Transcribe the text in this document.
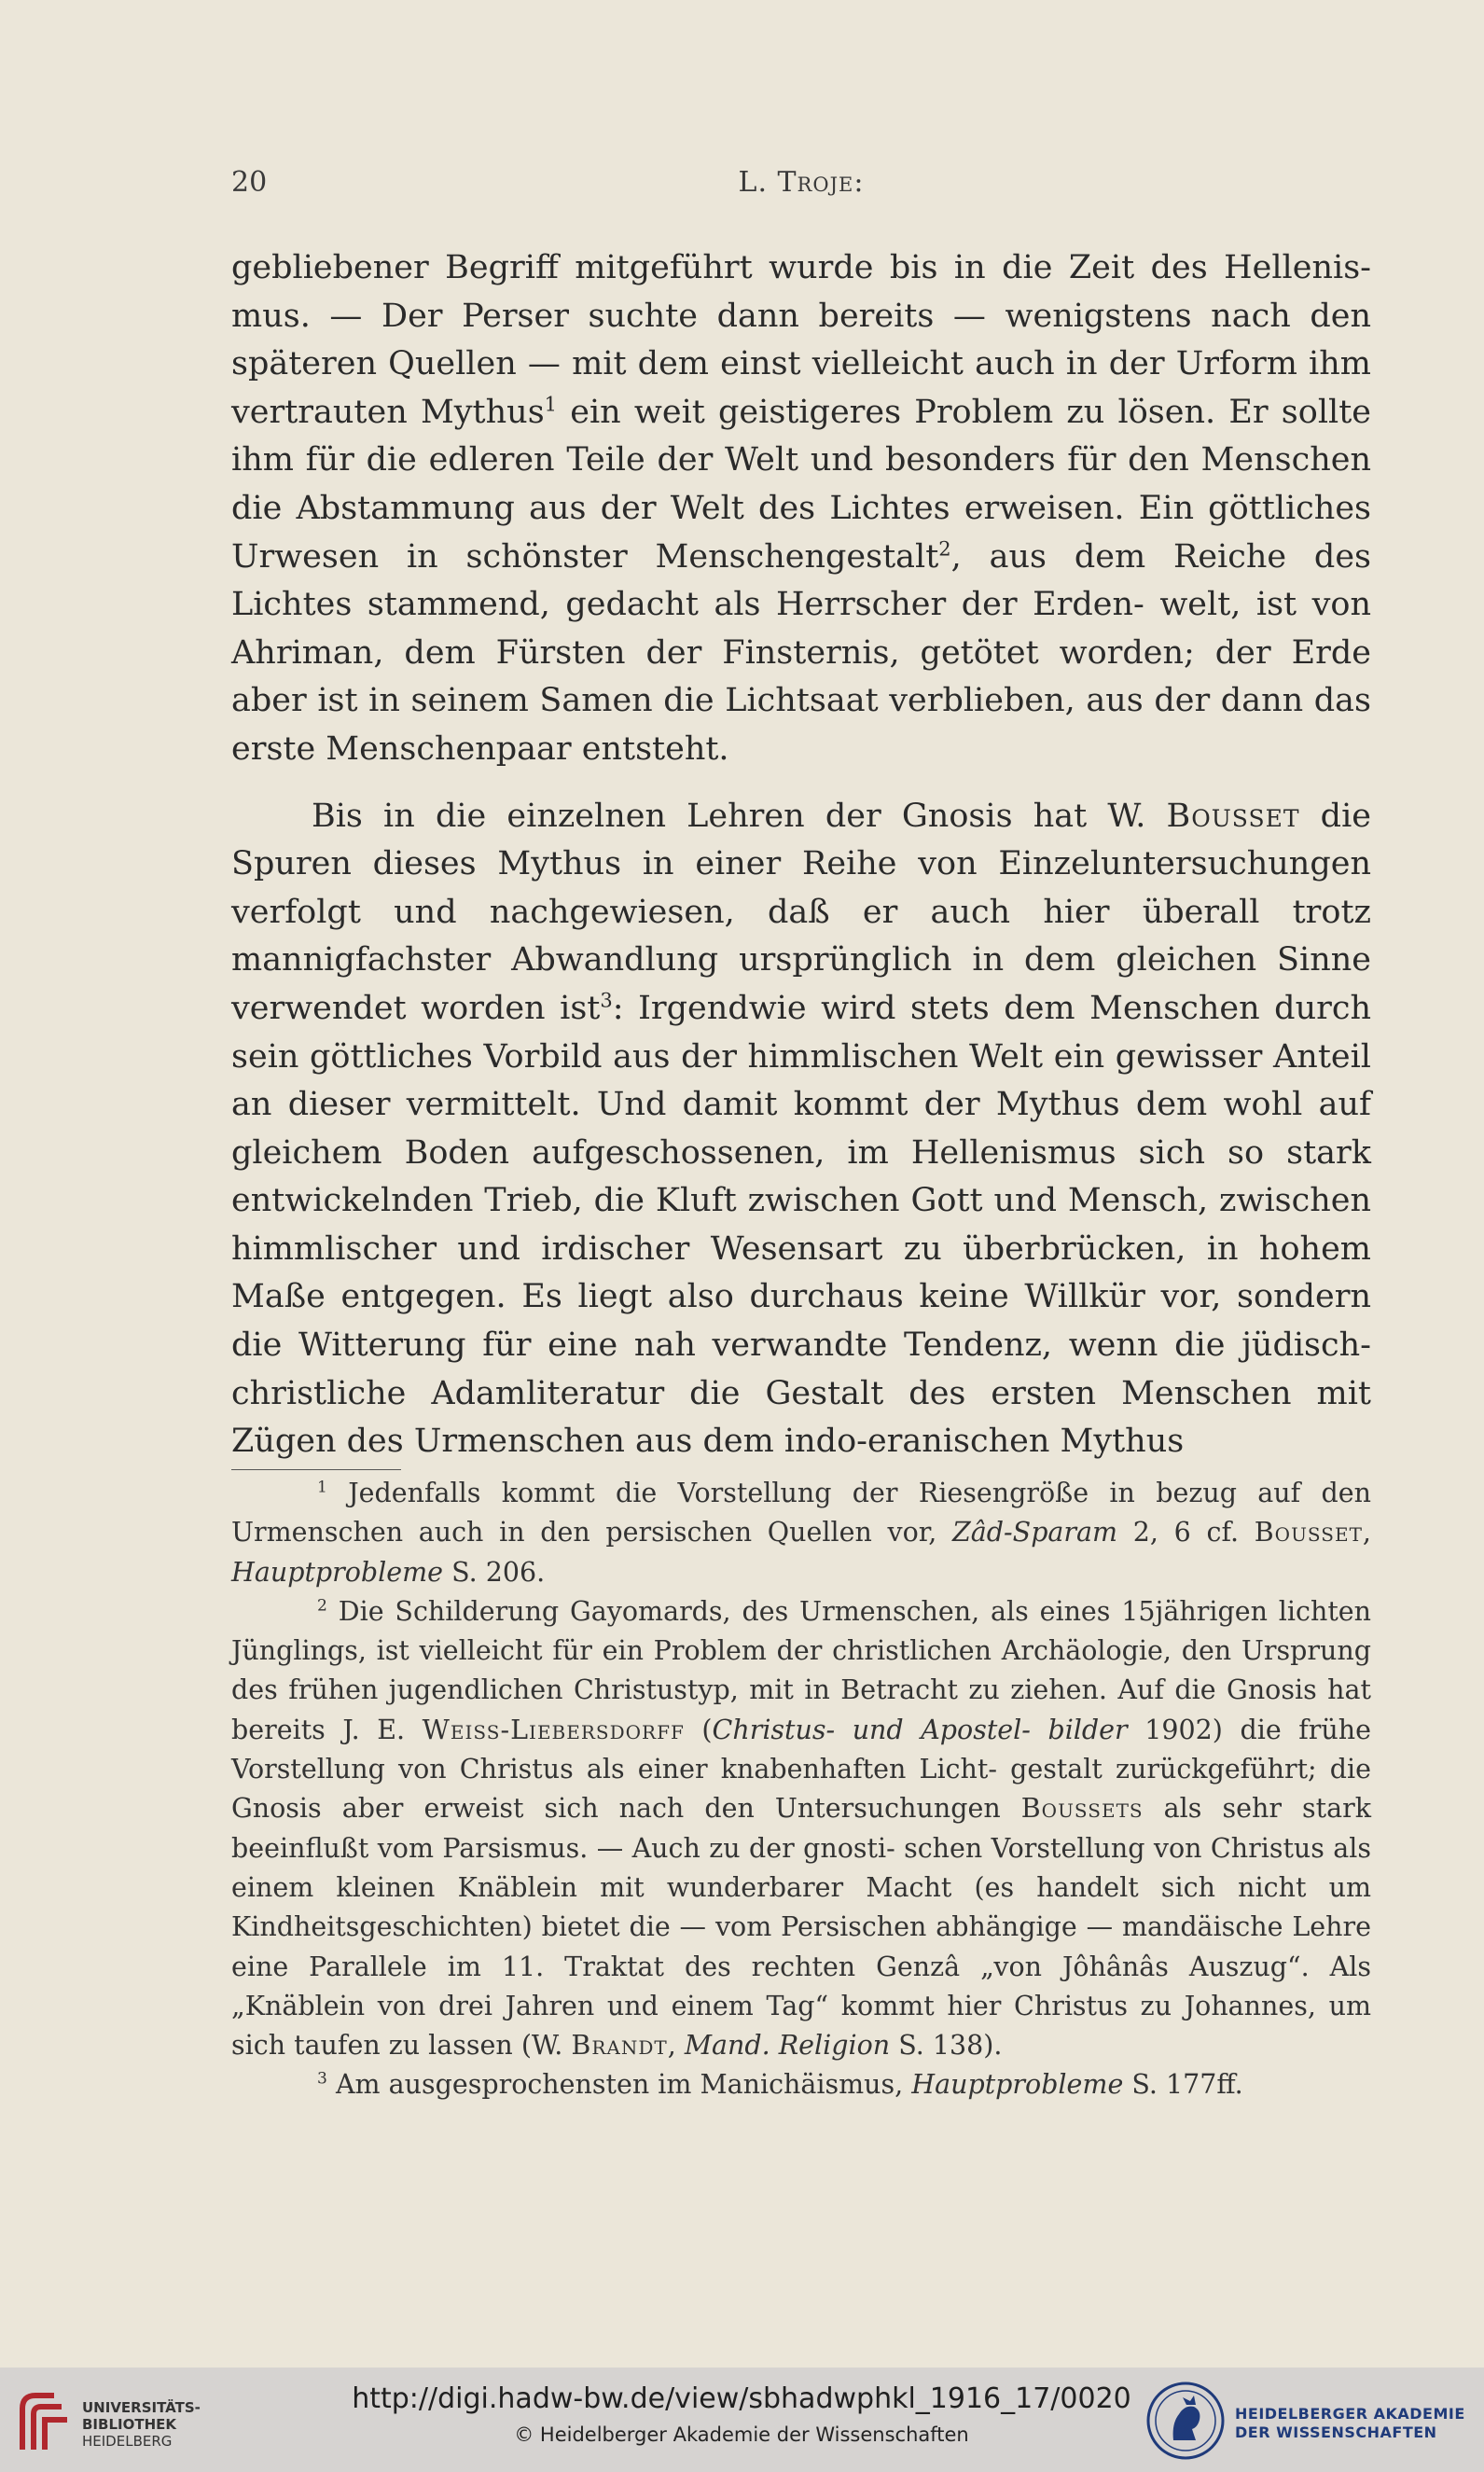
20	L. Troje:

gebliebener Begriff mitgeführt wurde bis in die Zeit des Hellenis- mus. — Der Perser suchte dann bereits — wenigstens nach den späteren Quellen — mit dem einst vielleicht auch in der Urform ihm vertrauten Mythus$^1$ ein weit geistigeres Problem zu lösen. Er sollte ihm für die edleren Teile der Welt und besonders für den Menschen die Abstammung aus der Welt des Lichtes erweisen. Ein göttliches Urwesen in schönster Menschengestalt$^2$, aus dem Reiche des Lichtes stammend, gedacht als Herrscher der Erden- welt, ist von Ahriman, dem Fürsten der Finsternis, getötet worden; der Erde aber ist in seinem Samen die Lichtsaat verblieben, aus der dann das erste Menschenpaar entsteht.

Bis in die einzelnen Lehren der Gnosis hat W. Bousset die Spuren dieses Mythus in einer Reihe von Einzeluntersuchungen verfolgt und nachgewiesen, daß er auch hier überall trotz mannigfachster Abwandlung ursprünglich in dem gleichen Sinne verwendet worden ist$^3$: Irgendwie wird stets dem Menschen durch sein göttliches Vorbild aus der himmlischen Welt ein gewisser Anteil an dieser vermittelt. Und damit kommt der Mythus dem wohl auf gleichem Boden aufgeschossenen, im Hellenismus sich so stark entwickelnden Trieb, die Kluft zwischen Gott und Mensch, zwischen himmlischer und irdischer Wesensart zu überbrücken, in hohem Maße entgegen. Es liegt also durchaus keine Willkür vor, sondern die Witterung für eine nah verwandte Tendenz, wenn die jüdisch-christliche Adamliteratur die Gestalt des ersten Menschen mit Zügen des Urmenschen aus dem indo-eranischen Mythus

$^1$ Jedenfalls kommt die Vorstellung der Riesengröße in bezug auf den Urmenschen auch in den persischen Quellen vor, Zâd-Sparam 2, 6 cf. Bousset, Hauptprobleme S. 206.

$^2$ Die Schilderung Gayomards, des Urmenschen, als eines 15jährigen lichten Jünglings, ist vielleicht für ein Problem der christlichen Archäologie, den Ursprung des frühen jugendlichen Christustyp, mit in Betracht zu ziehen. Auf die Gnosis hat bereits J. E. Weiss-Liebersdorff (Christus- und Apostel- bilder 1902) die frühe Vorstellung von Christus als einer knabenhaften Licht- gestalt zurückgeführt; die Gnosis aber erweist sich nach den Untersuchungen Boussets als sehr stark beeinflußt vom Parsismus. — Auch zu der gnosti- schen Vorstellung von Christus als einem kleinen Knäblein mit wunderbarer Macht (es handelt sich nicht um Kindheitsgeschichten) bietet die — vom Persischen abhängige — mandäische Lehre eine Parallele im 11. Traktat des rechten Genzâ „von Jôhânâs Auszug“. Als „Knäblein von drei Jahren und einem Tag“ kommt hier Christus zu Johannes, um sich taufen zu lassen (W. Brandt, Mand. Religion S. 138).

$^3$ Am ausgesprochensten im Manichäismus, Hauptprobleme S. 177ff.

UNIVERSITÄTS-
BIBLIOTHEK
HEIDELBERG
http://digi.hadw-bw.de/view/sbhadwphkl_1916_17/0020
© Heidelberger Akademie der Wissenschaften
HEIDELBERGER AKADEMIE
DER WISSENSCHAFTEN
